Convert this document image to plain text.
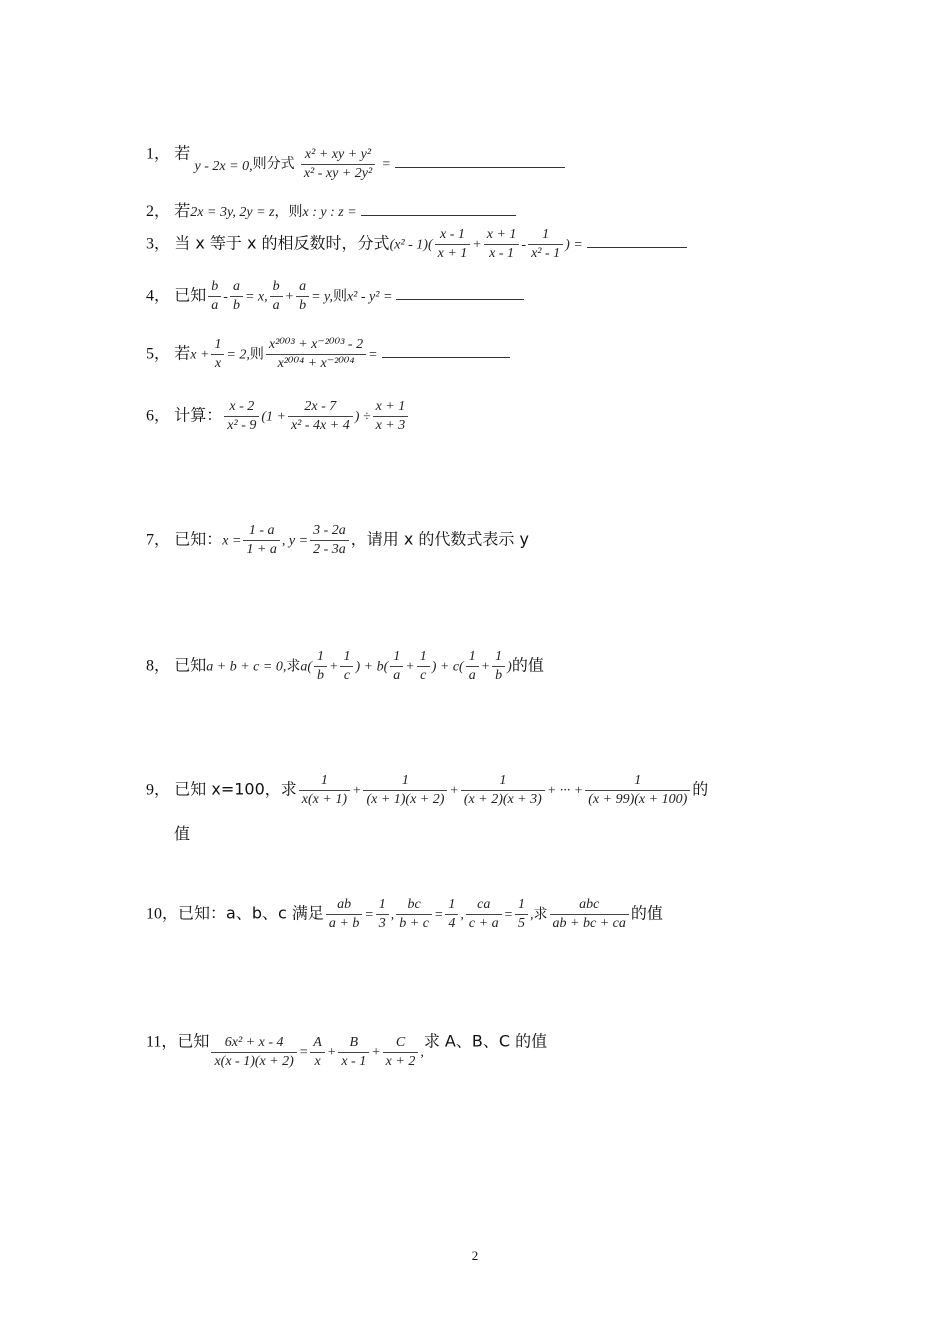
1， 若 $_{y - 2x = 0,则分式} \frac{\text{x² + xy + y²}}{\text{x² - xy + 2y²}} _=$
2， 若2x = 3y, 2y = z，则x : y : z =
3， 当 x 等于 x 的相反数时，分式$(x^2 - 1)( \frac{x - 1}{x + 1} + \frac{x + 1}{x - 1} - \frac{1}{\text{x² - 1}}$ ) =
4， 已知 $\frac{b}{a} - \frac{a}{b} = x$, $\frac{b}{a} + \frac{a}{b} = y$,则x² - y² =
5， 若$x + \frac{1}{x} = 2$,则 $\frac{\text{x²⁰⁰³ + x⁻²⁰⁰³ - 2}}{\text{x²⁰⁰⁴ + x⁻²⁰⁰⁴}}$ =
6， 计算： $\frac{x - 2}{\text{x² - 9}} (1 + \frac{2x - 7}{\text{x² - 4x + 4}}$ ) ÷ $\frac{x + 1}{x + 3}$
7， 已知：$x = \frac{1 - a}{1 + a}$ , $y = \frac{3 - 2a}{2 - 3a}$ ，请用 x 的代数式表示 y
8， 已知a + b + c = 0,求$a( \frac{1}{b} + \frac{1}{c}$ ) + $b( \frac{1}{a} + \frac{1}{c}$ ) + $c( \frac{1}{a} + \frac{1}{b}$ )的值
9， 已知 x=100，求 $\frac{1}{x(x + 1)} + \frac{1}{(x + 1)(x + 2)} + \frac{1}{(x + 2)(x + 3)}$ + ··· + $\frac{1}{(x + 99)(x + 100)}$ 的
值
10，已知：a、b、c 满足 $\frac{ab}{a + b} = \frac{1}{3}$ , $\frac{bc}{b + c} = \frac{1}{4}$ , $\frac{ca}{c + a} = \frac{1}{5}$ ,求 $\frac{\text{abc}}{ab + bc + ca}$ 的值
11，已知 $\frac{\text{6x² + x - 4}}{x(x - 1)(x + 2)} _= \frac{A}{x} _+ \frac{B}{x - 1} _+ \frac{C}{x + 2} _,$求 A、B、C 的值
2
